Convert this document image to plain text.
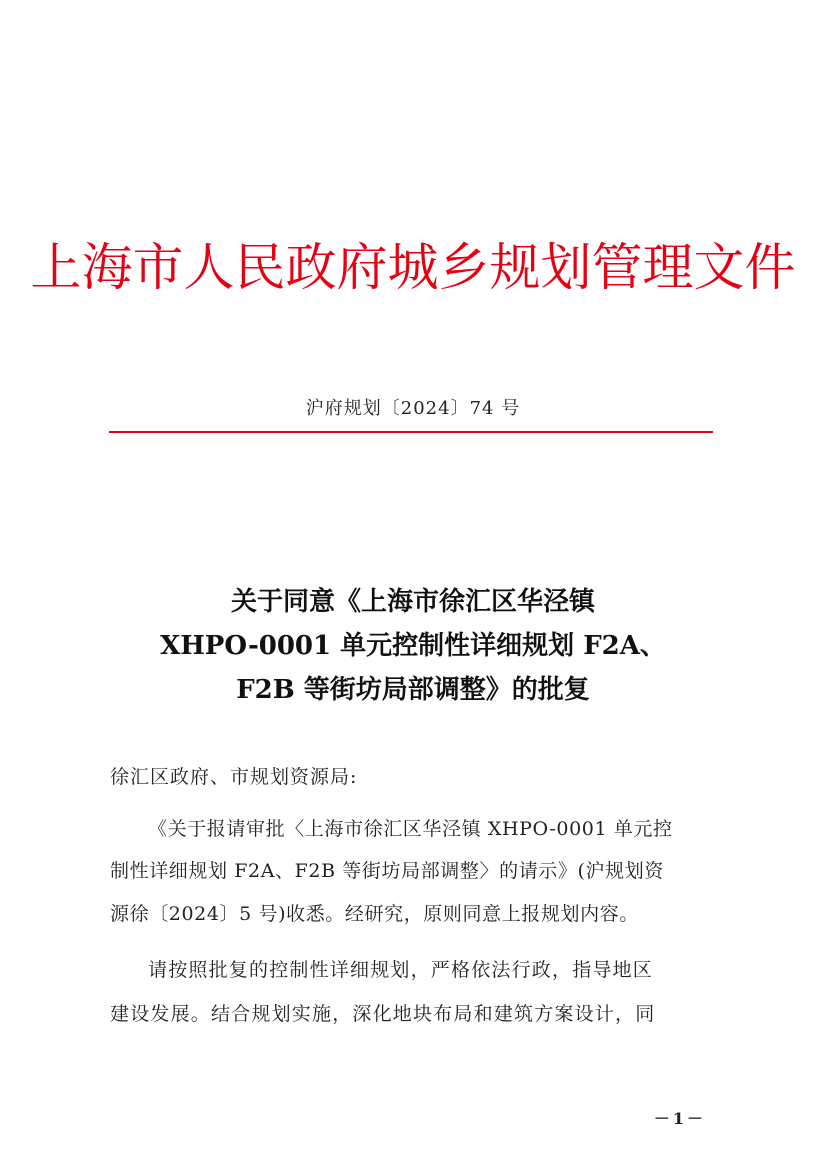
上海市人民政府城乡规划管理文件
沪府规划〔2024〕74 号
关于同意《上海市徐汇区华泾镇
XHPO-0001 单元控制性详细规划 F2A、
F2B 等街坊局部调整》的批复
徐汇区政府、市规划资源局:
《关于报请审批〈上海市徐汇区华泾镇 XHPO-0001 单元控
制性详细规划 F2A、F2B 等街坊局部调整〉的请示》(沪规划资
源徐〔2024〕5 号)收悉。经研究，原则同意上报规划内容。
请按照批复的控制性详细规划，严格依法行政，指导地区
建设发展。结合规划实施，深化地块布局和建筑方案设计，同
－1－
